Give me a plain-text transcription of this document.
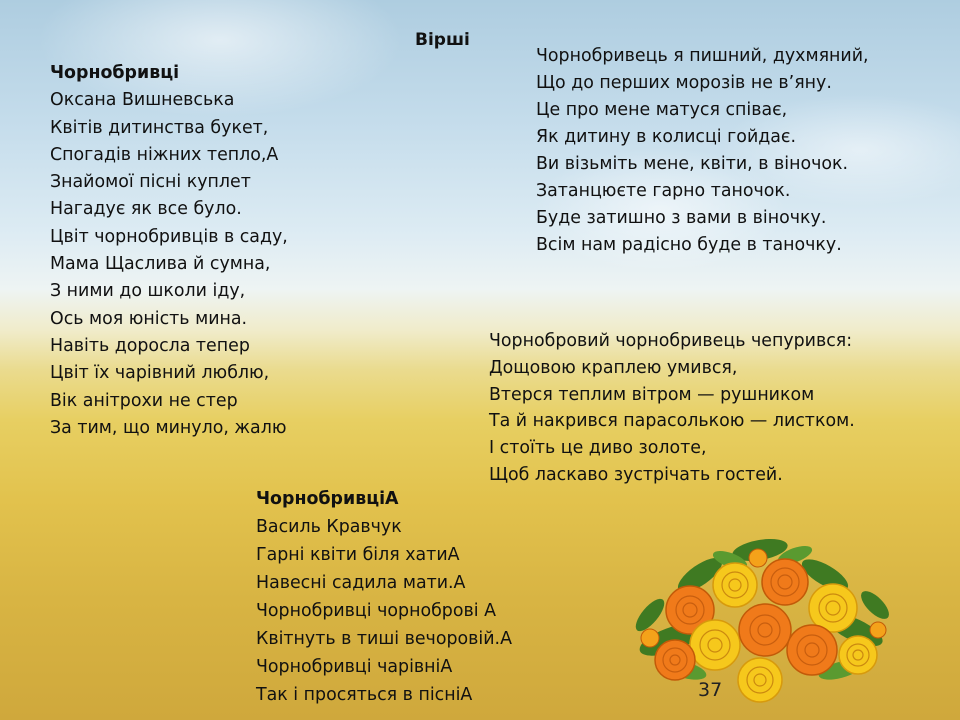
Вірші
Чорнобривці
Оксана Вишневська
Квітів дитинства букет,
Спогадів ніжних тепло,А
Знайомої пісні куплет
Нагадує як все було.
Цвіт чорнобривців в саду,
Мама Щаслива й сумна,
З ними до школи іду,
Ось моя юність мина.
Навіть доросла тепер
Цвіт їх чарівний люблю,
Вік анітрохи не стер
За тим, що минуло, жалю
Чорнобривець я пишний, духмяний,
Що до перших морозів не в’яну.
Це про мене матуся співає,
Як дитину в колисці гойдає.
Ви візьміть мене, квіти, в віночок.
Затанцюєте гарно таночок.
Буде затишно з вами в віночку.
Всім нам радісно буде в таночку.
Чорнобровий чорнобривець чепурився:
Дощовою краплею умився,
Втерся теплим вітром — рушником
Та й накрився парасолькою — листком.
І стоїть це диво золоте,
Щоб ласкаво зустрічать гостей.
ЧорнобривціА
Василь Кравчук
Гарні квіти біля хатиА
Навесні садила мати.А
Чорнобривці чорноброві А
Квітнуть в тиші вечоровій.А
Чорнобривці чарівніА
Так і просяться в пісніА	37
